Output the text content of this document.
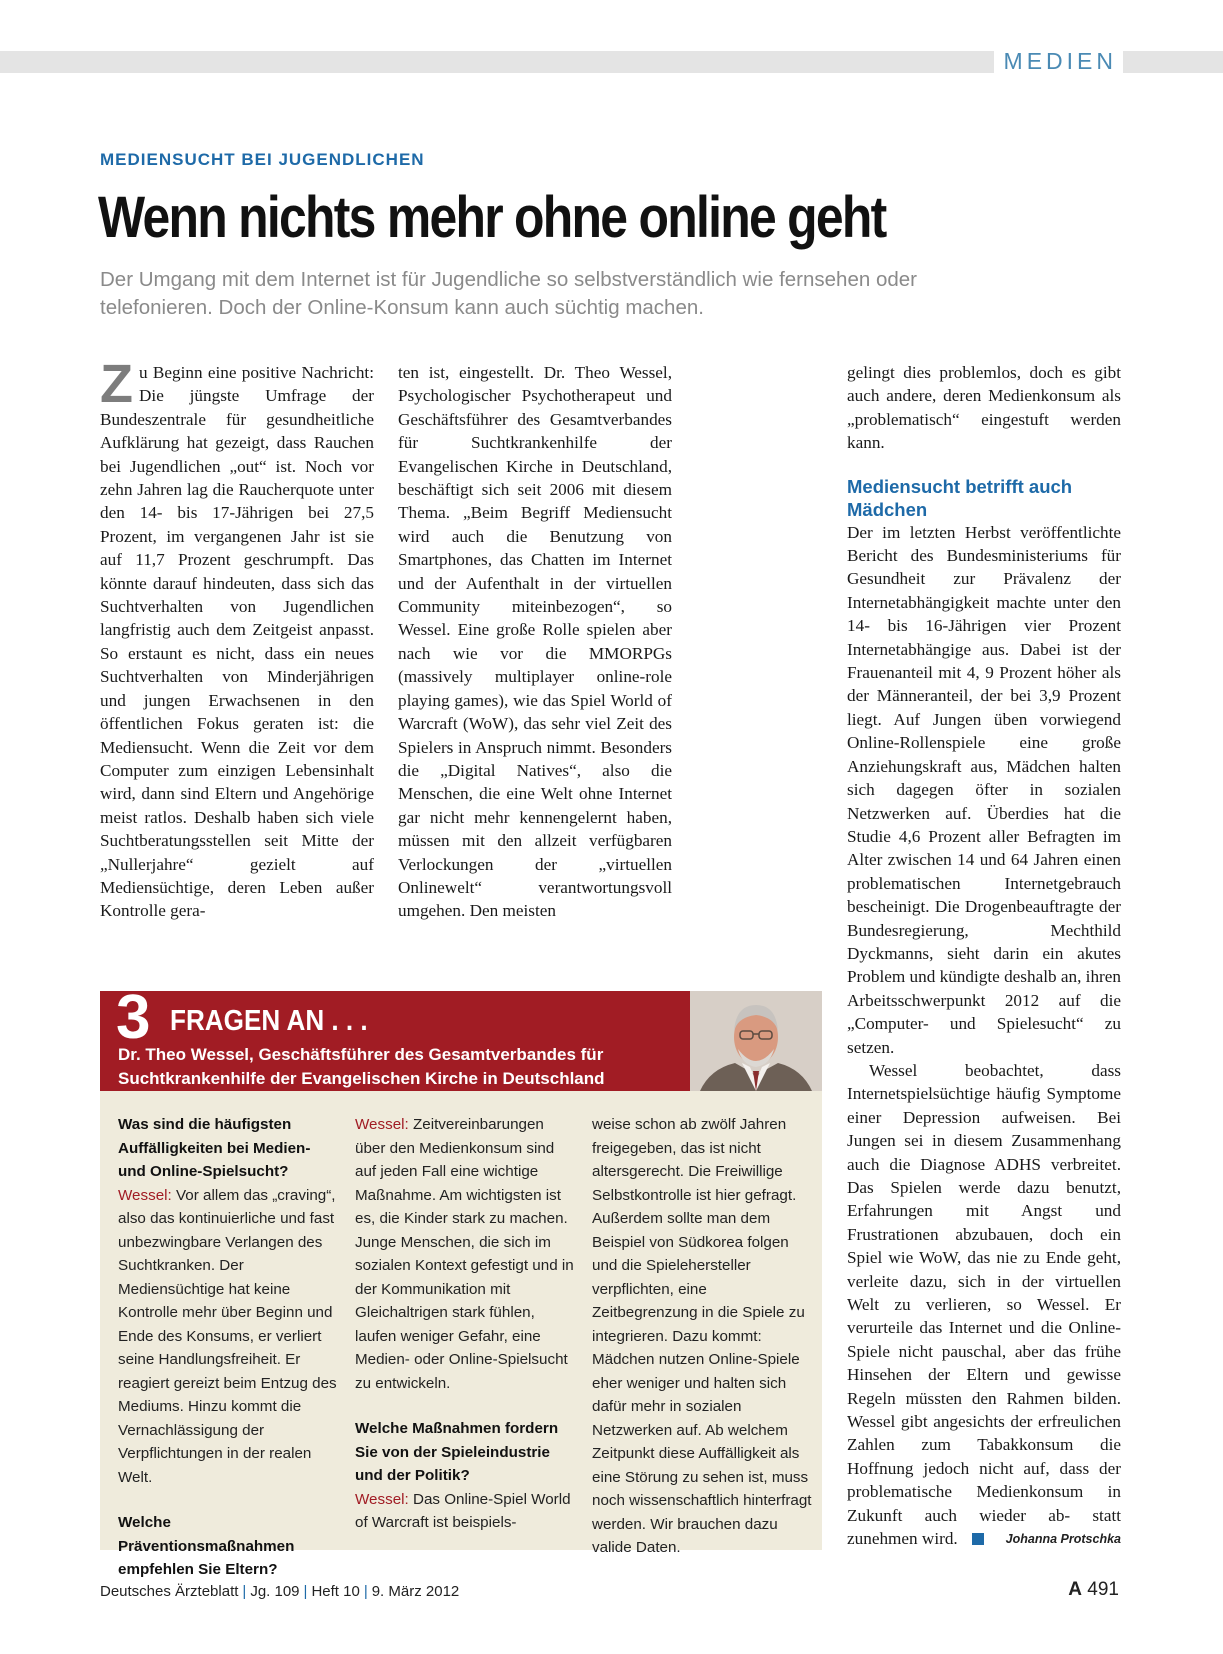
MEDIEN
MEDIENSUCHT BEI JUGENDLICHEN
Wenn nichts mehr ohne online geht
Der Umgang mit dem Internet ist für Jugendliche so selbstverständlich wie fernsehen oder telefonieren. Doch der Online-Konsum kann auch süchtig machen.

Zu Beginn eine positive Nachricht: Die jüngste Umfrage der Bundeszentrale für gesundheitliche Aufklärung hat gezeigt, dass Rauchen bei Jugendlichen „out“ ist. Noch vor zehn Jahren lag die Raucherquote unter den 14- bis 17-Jährigen bei 27,5 Prozent, im vergangenen Jahr ist sie auf 11,7 Prozent geschrumpft. Das könnte darauf hindeuten, dass sich das Suchtverhalten von Jugendlichen langfristig auch dem Zeitgeist anpasst. So erstaunt es nicht, dass ein neues Suchtverhalten von Minderjährigen und jungen Erwachsenen in den öffentlichen Fokus geraten ist: die Mediensucht. Wenn die Zeit vor dem Computer zum einzigen Lebensinhalt wird, dann sind Eltern und Angehörige meist ratlos. Deshalb haben sich viele Suchtberatungsstellen seit Mitte der „Nullerjahre“ gezielt auf Mediensüchtige, deren Leben außer Kontrolle gera-

ten ist, eingestellt. Dr. Theo Wessel, Psychologischer Psychotherapeut und Geschäftsführer des Gesamtverbandes für Suchtkrankenhilfe der Evangelischen Kirche in Deutschland, beschäftigt sich seit 2006 mit diesem Thema. „Beim Begriff Mediensucht wird auch die Benutzung von Smartphones, das Chatten im Internet und der Aufenthalt in der virtuellen Community miteinbezogen“, so Wessel. Eine große Rolle spielen aber nach wie vor die MMORPGs (massively multiplayer online-role playing games), wie das Spiel World of Warcraft (WoW), das sehr viel Zeit des Spielers in Anspruch nimmt. Besonders die „Digital Natives“, also die Menschen, die eine Welt ohne Internet gar nicht mehr kennengelernt haben, müssen mit den allzeit verfügbaren Verlockungen der „virtuellen Onlinewelt“ verantwortungsvoll umgehen. Den meisten

gelingt dies problemlos, doch es gibt auch andere, deren Medienkonsum als „problematisch“ eingestuft werden kann.

Mediensucht betrifft auch Mädchen

Der im letzten Herbst veröffentlichte Bericht des Bundesministeriums für Gesundheit zur Prävalenz der Internetabhängigkeit machte unter den 14- bis 16-Jährigen vier Prozent Internetabhängige aus. Dabei ist der Frauenanteil mit 4, 9 Prozent höher als der Männeranteil, der bei 3,9 Prozent liegt. Auf Jungen üben vorwiegend Online-Rollenspiele eine große Anziehungskraft aus, Mädchen halten sich dagegen öfter in sozialen Netzwerken auf. Überdies hat die Studie 4,6 Prozent aller Befragten im Alter zwischen 14 und 64 Jahren einen problematischen Internetgebrauch bescheinigt. Die Drogenbeauftragte der Bundesregierung, Mechthild Dyckmanns, sieht darin ein akutes Problem und kündigte deshalb an, ihren Arbeitsschwerpunkt 2012 auf die „Computer- und Spielesucht“ zu setzen.

Wessel beobachtet, dass Internetspielsüchtige häufig Symptome einer Depression aufweisen. Bei Jungen sei in diesem Zusammenhang auch die Diagnose ADHS verbreitet. Das Spielen werde dazu benutzt, Erfahrungen mit Angst und Frustrationen abzubauen, doch ein Spiel wie WoW, das nie zu Ende geht, verleite dazu, sich in der virtuellen Welt zu verlieren, so Wessel. Er verurteile das Internet und die Online-Spiele nicht pauschal, aber das frühe Hinsehen der Eltern und gewisse Regeln müssten den Rahmen bilden. Wessel gibt angesichts der erfreulichen Zahlen zum Tabakkonsum die Hoffnung jedoch nicht auf, dass der problematische Medienkonsum in Zukunft auch wieder ab- statt zunehmen wird.	Johanna Protschka
3 FRAGEN AN . . .
Dr. Theo Wessel, Geschäftsführer des Gesamtverbandes für Suchtkrankenhilfe der Evangelischen Kirche in Deutschland

Was sind die häufigsten Auffälligkeiten bei Medien- und Online-Spielsucht?

Wessel: Vor allem das „craving“, also das kontinuierliche und fast unbezwingbare Verlangen des Suchtkranken. Der Mediensüchtige hat keine Kontrolle mehr über Beginn und Ende des Konsums, er verliert seine Handlungsfreiheit. Er reagiert gereizt beim Entzug des Mediums. Hinzu kommt die Vernachlässigung der Verpflichtungen in der realen Welt.

Welche Präventionsmaßnahmen empfehlen Sie Eltern?

Wessel: Zeitvereinbarungen über den Medienkonsum sind auf jeden Fall eine wichtige Maßnahme. Am wichtigsten ist es, die Kinder stark zu machen. Junge Menschen, die sich im sozialen Kontext gefestigt und in der Kommunikation mit Gleichaltrigen stark fühlen, laufen weniger Gefahr, eine Medien- oder Online-Spielsucht zu entwickeln.

Welche Maßnahmen fordern Sie von der Spieleindustrie und der Politik?

Wessel: Das Online-Spiel World of Warcraft ist beispiels-

weise schon ab zwölf Jahren freigegeben, das ist nicht altersgerecht. Die Freiwillige Selbstkontrolle ist hier gefragt. Außerdem sollte man dem Beispiel von Südkorea folgen und die Spielehersteller verpflichten, eine Zeitbegrenzung in die Spiele zu integrieren. Dazu kommt: Mädchen nutzen Online-Spiele eher weniger und halten sich dafür mehr in sozialen Netzwerken auf. Ab welchem Zeitpunkt diese Auffälligkeit als eine Störung zu sehen ist, muss noch wissenschaftlich hinterfragt werden. Wir brauchen dazu valide Daten.

Deutsches Ärzteblatt | Jg. 109 | Heft 10 | 9. März 2012	A 491
